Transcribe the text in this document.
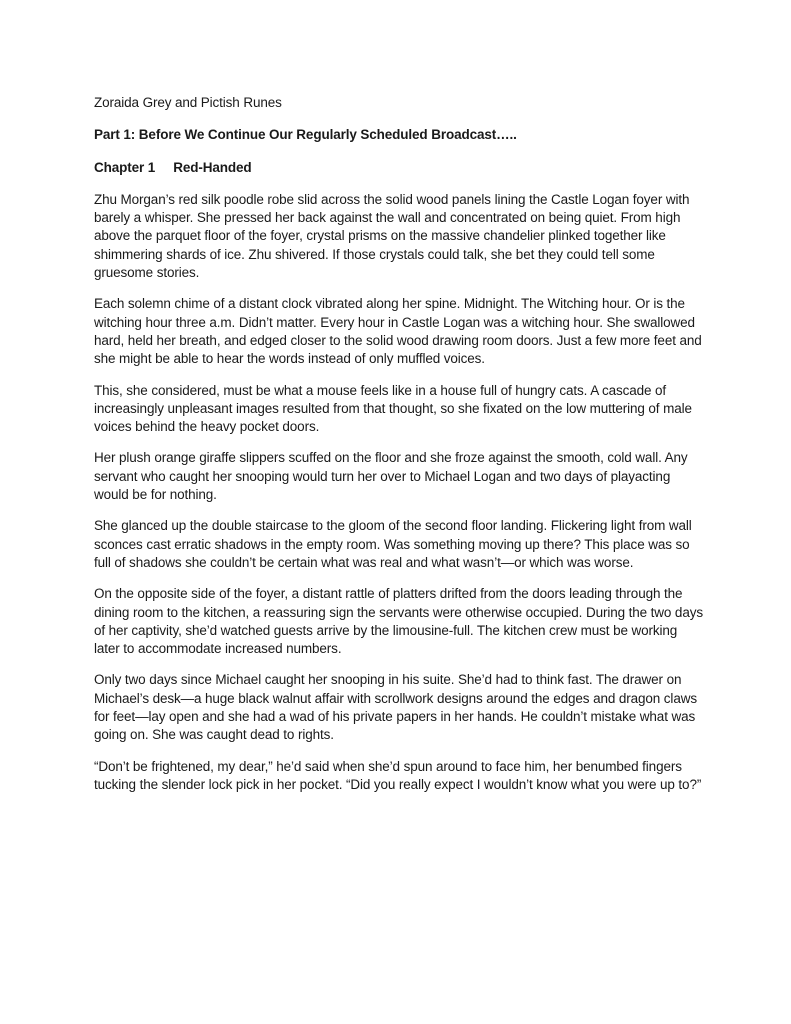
Zoraida Grey and Pictish Runes

Part 1: Before We Continue Our Regularly Scheduled Broadcast…..

Chapter 1 Red-Handed

Zhu Morgan’s red silk poodle robe slid across the solid wood panels lining the Castle Logan foyer with barely a whisper. She pressed her back against the wall and concentrated on being quiet. From high above the parquet floor of the foyer, crystal prisms on the massive chandelier plinked together like shimmering shards of ice. Zhu shivered. If those crystals could talk, she bet they could tell some gruesome stories.

Each solemn chime of a distant clock vibrated along her spine. Midnight. The Witching hour. Or is the witching hour three a.m. Didn’t matter. Every hour in Castle Logan was a witching hour. She swallowed hard, held her breath, and edged closer to the solid wood drawing room doors. Just a few more feet and she might be able to hear the words instead of only muffled voices.

This, she considered, must be what a mouse feels like in a house full of hungry cats. A cascade of increasingly unpleasant images resulted from that thought, so she fixated on the low muttering of male voices behind the heavy pocket doors.

Her plush orange giraffe slippers scuffed on the floor and she froze against the smooth, cold wall. Any servant who caught her snooping would turn her over to Michael Logan and two days of playacting would be for nothing.

She glanced up the double staircase to the gloom of the second floor landing. Flickering light from wall sconces cast erratic shadows in the empty room. Was something moving up there? This place was so full of shadows she couldn’t be certain what was real and what wasn’t—or which was worse.

On the opposite side of the foyer, a distant rattle of platters drifted from the doors leading through the dining room to the kitchen, a reassuring sign the servants were otherwise occupied. During the two days of her captivity, she’d watched guests arrive by the limousine-full. The kitchen crew must be working later to accommodate increased numbers.

Only two days since Michael caught her snooping in his suite. She’d had to think fast. The drawer on Michael’s desk—a huge black walnut affair with scrollwork designs around the edges and dragon claws for feet—lay open and she had a wad of his private papers in her hands. He couldn’t mistake what was going on. She was caught dead to rights.

“Don’t be frightened, my dear,” he’d said when she’d spun around to face him, her benumbed fingers tucking the slender lock pick in her pocket. “Did you really expect I wouldn’t know what you were up to?”
